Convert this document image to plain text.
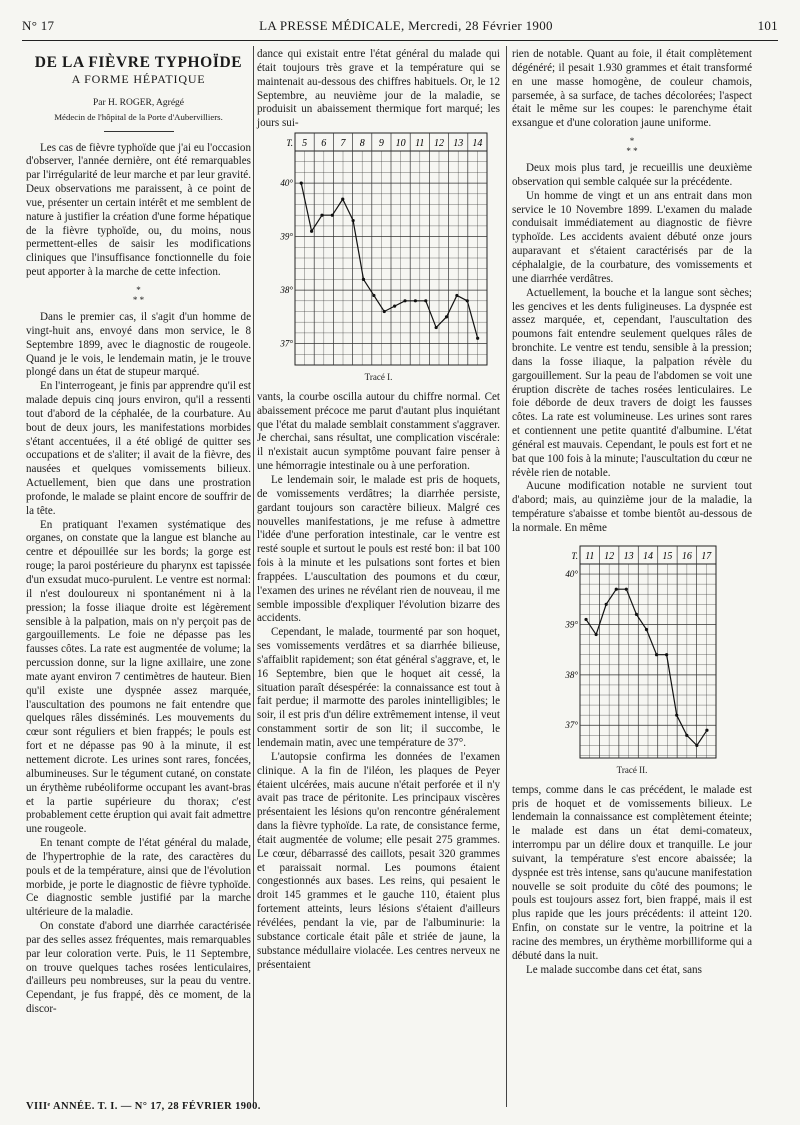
N° 17	LA PRESSE MÉDICALE, Mercredi, 28 Février 1900	101
DE LA FIÈVRE TYPHOÏDE
A FORME HÉPATIQUE
Par H. ROGER, Agrégé
Médecin de l'hôpital de la Porte d'Aubervilliers.

Les cas de fièvre typhoïde que j'ai eu l'occasion d'observer, l'année dernière, ont été remarquables par l'irrégularité de leur marche et par leur gravité. Deux observations me paraissent, à ce point de vue, présenter un certain intérêt et me semblent de nature à justifier la création d'une forme hépatique de la fièvre typhoïde, ou, du moins, nous permettent-elles de saisir les modifications cliniques que l'insuffisance fonctionnelle du foie peut apporter à la marche de cette infection.

*
* *

Dans le premier cas, il s'agit d'un homme de vingt-huit ans, envoyé dans mon service, le 8 Septembre 1899, avec le diagnostic de rougeole. Quand je le vois, le lendemain matin, je le trouve plongé dans un état de stupeur marqué.

En l'interrogeant, je finis par apprendre qu'il est malade depuis cinq jours environ, qu'il a ressenti tout d'abord de la céphalée, de la courbature. Au bout de deux jours, les manifestations morbides s'étant accentuées, il a été obligé de quitter ses occupations et de s'aliter; il avait de la fièvre, des nausées et quelques vomissements bilieux. Actuellement, bien que dans une prostration profonde, le malade se plaint encore de souffrir de la tête.

En pratiquant l'examen systématique des organes, on constate que la langue est blanche au centre et dépouillée sur les bords; la gorge est rouge; la paroi postérieure du pharynx est tapissée d'un exsudat muco-purulent. Le ventre est normal: il n'est douloureux ni spontanément ni à la pression; la fosse iliaque droite est légèrement sensible à la palpation, mais on n'y perçoit pas de gargouillements. Le foie ne dépasse pas les fausses côtes. La rate est augmentée de volume; la percussion donne, sur la ligne axillaire, une zone mate ayant environ 7 centimètres de hauteur. Bien qu'il existe une dyspnée assez marquée, l'auscultation des poumons ne fait entendre que quelques râles disséminés. Les mouvements du cœur sont réguliers et bien frappés; le pouls est fort et ne dépasse pas 90 à la minute, il est nettement dicrote. Les urines sont rares, foncées, albumineuses. Sur le tégument cutané, on constate un érythème rubéoliforme occupant les avant-bras et la partie supérieure du thorax; c'est probablement cette éruption qui avait fait admettre une rougeole.

En tenant compte de l'état général du malade, de l'hypertrophie de la rate, des caractères du pouls et de la température, ainsi que de l'évolution morbide, je porte le diagnostic de fièvre typhoïde. Ce diagnostic semble justifié par la marche ultérieure de la maladie.

On constate d'abord une diarrhée caractérisée par des selles assez fréquentes, mais remarquables par leur coloration verte. Puis, le 11 Septembre, on trouve quelques taches rosées lenticulaires, d'ailleurs peu nombreuses, sur la peau du ventre. Cependant, je fus frappé, dès ce moment, de la discor-

dance qui existait entre l'état général du malade qui était toujours très grave et la température qui se maintenait au-dessous des chiffres habituels. Or, le 12 Septembre, au neuvième jour de la maladie, se produisit un abaissement thermique fort marqué; les jours sui-

5 6 7 8 9 10 11 12 13 14
T.
40°
39°
38°
37°
Tracé I.

vants, la courbe oscilla autour du chiffre normal. Cet abaissement précoce me parut d'autant plus inquiétant que l'état du malade semblait constamment s'aggraver. Je cherchai, sans résultat, une complication viscérale: il n'existait aucun symptôme pouvant faire penser à une hémorragie intestinale ou à une perforation.

Le lendemain soir, le malade est pris de hoquets, de vomissements verdâtres; la diarrhée persiste, gardant toujours son caractère bilieux. Malgré ces nouvelles manifestations, je me refuse à admettre l'idée d'une perforation intestinale, car le ventre est resté souple et surtout le pouls est resté bon: il bat 100 fois à la minute et les pulsations sont fortes et bien frappées. L'auscultation des poumons et du cœur, l'examen des urines ne révélant rien de nouveau, il me semble impossible d'expliquer l'évolution bizarre des accidents.

Cependant, le malade, tourmenté par son hoquet, ses vomissements verdâtres et sa diarrhée bilieuse, s'affaiblit rapidement; son état général s'aggrave, et, le 16 Septembre, bien que le hoquet ait cessé, la situation paraît désespérée: la connaissance est tout à fait perdue; il marmotte des paroles inintelligibles; le soir, il est pris d'un délire extrêmement intense, il veut constamment sortir de son lit; il succombe, le lendemain matin, avec une température de 37°.

L'autopsie confirma les données de l'examen clinique. A la fin de l'iléon, les plaques de Peyer étaient ulcérées, mais aucune n'était perforée et il n'y avait pas trace de péritonite. Les principaux viscères présentaient les lésions qu'on rencontre généralement dans la fièvre typhoïde. La rate, de consistance ferme, était augmentée de volume; elle pesait 275 grammes. Le cœur, débarrassé des caillots, pesait 320 grammes et paraissait normal. Les poumons étaient congestionnés aux bases. Les reins, qui pesaient le droit 145 grammes et le gauche 110, étaient plus fortement atteints, leurs lésions s'étaient d'ailleurs révélées, pendant la vie, par de l'albuminurie: la substance corticale était pâle et striée de jaune, la substance médullaire violacée. Les centres nerveux ne présentaient

rien de notable. Quant au foie, il était complètement dégénéré; il pesait 1.930 grammes et était transformé en une masse homogène, de couleur chamois, parsemée, à sa surface, de taches décolorées; l'aspect était le même sur les coupes: le parenchyme était exsangue et d'une coloration jaune uniforme.

*
* *

Deux mois plus tard, je recueillis une deuxième observation qui semble calquée sur la précédente.

Un homme de vingt et un ans entrait dans mon service le 10 Novembre 1899. L'examen du malade conduisait immédiatement au diagnostic de fièvre typhoïde. Les accidents avaient débuté onze jours auparavant et s'étaient caractérisés par de la céphalalgie, de la courbature, des vomissements et une diarrhée verdâtres.

Actuellement, la bouche et la langue sont sèches; les gencives et les dents fuligineuses. La dyspnée est assez marquée, et, cependant, l'auscultation des poumons fait entendre seulement quelques râles de bronchite. Le ventre est tendu, sensible à la pression; dans la fosse iliaque, la palpation révèle du gargouillement. Sur la peau de l'abdomen se voit une éruption discrète de taches rosées lenticulaires. Le foie déborde de deux travers de doigt les fausses côtes. La rate est volumineuse. Les urines sont rares et contiennent une petite quantité d'albumine. L'état général est mauvais. Cependant, le pouls est fort et ne bat que 100 fois à la minute; l'auscultation du cœur ne révèle rien de notable.

Aucune modification notable ne survient tout d'abord; mais, au quinzième jour de la maladie, la température s'abaisse et tombe bientôt au-dessous de la normale. En même

11 12 13 14 15 16 17
T.
40°
39°
38°
37°
Tracé II.

temps, comme dans le cas précédent, le malade est pris de hoquet et de vomissements bilieux. Le lendemain la connaissance est complètement éteinte; le malade est dans un état demi-comateux, interrompu par un délire doux et tranquille. Le jour suivant, la température s'est encore abaissée; la dyspnée est très intense, sans qu'aucune manifestation nouvelle se soit produite du côté des poumons; le pouls est toujours assez fort, bien frappé, mais il est plus rapide que les jours précédents: il atteint 120. Enfin, on constate sur le ventre, la poitrine et la racine des membres, un érythème morbilliforme qui a débuté dans la nuit.

Le malade succombe dans cet état, sans

VIIIᵉ ANNÉE. T. I. — N° 17, 28 FÉVRIER 1900.
